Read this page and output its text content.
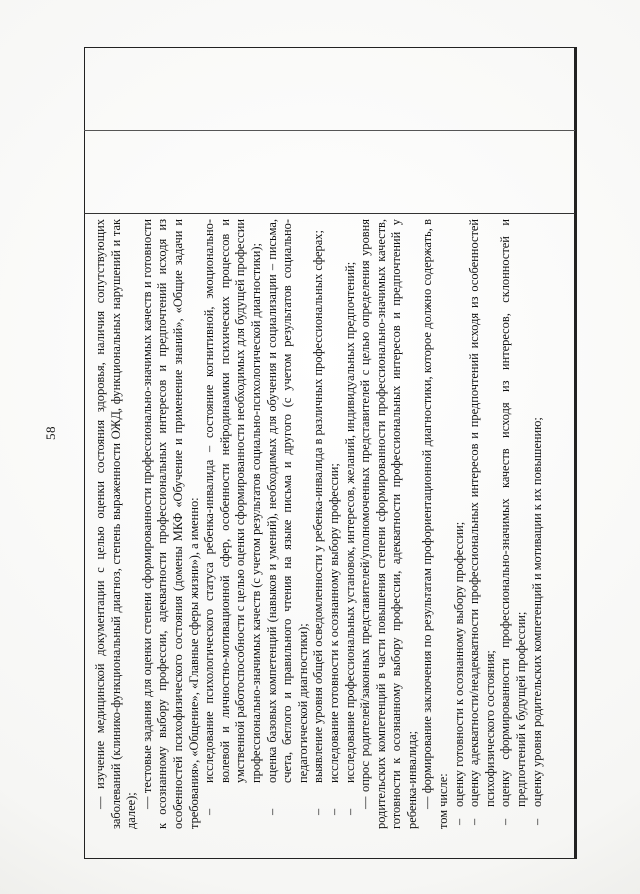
58	— изучение медицинской документации с целью оценки состояния здоровья, наличия сопутствующих заболеваний (клинико-функциональный диагноз, степень выраженности ОЖД, функциональных нарушений и так далее);

— тестовые задания для оценки степени сформированности профессионально-значимых качеств и готовности к осознанному выбору профессии, адекватности профессиональных интересов и предпочтений исходя из особенностей психофизического состояния (домены МКФ «Обучение и применение знаний», «Общие задачи и требования», «Общение», «Главные сферы жизни»), а именно: –
исследование психологического статуса ребенка-инвалида – состояние когнитивной, эмоционально-волевой и личностно-мотивационной сфер, особенности нейродинамики психических процессов и умственной работоспособности с целью оценки сформированности необходимых для будущей профессии профессионально-значимых качеств (с учетом результатов социально-психологической диагностики);

–
оценка базовых компетенций (навыков и умений), необходимых для обучения и социализации – письма, счета, беглого и правильного чтения на языке письма и другого (с учетом результатов социально-педагогической диагностики);

–
выявление уровня общей осведомленности у ребенка-инвалида в различных профессиональных сферах;

–
исследование готовности к осознанному выбору профессии;

–
исследование профессиональных установок, интересов, желаний, индивидуальных предпочтений; — опрос родителей/законных представителей/уполномоченных представителей с целью определения уровня родительских компетенций в части повышения степени сформированности профессионально-значимых качеств, готовности к осознанному выбору профессии, адекватности профессиональных интересов и предпочтений у ребенка-инвалида; — формирование заключения по результатам профориентационной диагностики, которое должно содержать, в том числе: –
оценку готовности к осознанному выбору профессии;

–
оценку адекватности/неадекватности профессиональных интересов и предпочтений исходя из особенностей психофизического состояния;

–
оценку сформированности профессионально-значимых качеств исходя из интересов, склонностей и предпочтений к будущей профессии;

–
оценку уровня родительских компетенций и мотивации к их повышению;
